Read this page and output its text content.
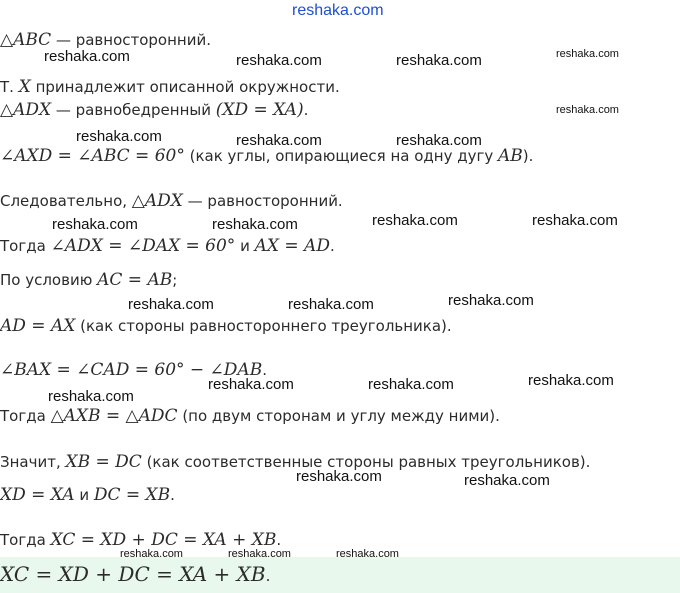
reshaka.com
△ABC — равносторонний.
Т. X принадлежит описанной окружности.
△ADX — равнобедренный (XD = XA).
∠AXD = ∠ABC = 60° (как углы, опирающиеся на одну дугу AB).
Следовательно, △ADX — равносторонний.
Тогда ∠ADX = ∠DAX = 60° и AX = AD.
По условию AC = AB;
AD = AX (как стороны равностороннего треугольника).
∠BAX = ∠CAD = 60° − ∠DAB.
Тогда △AXB = △ADC (по двум сторонам и углу между ними).
Значит, XB = DC (как соответственные стороны равных треугольников).
XD = XA и DC = XB.
Тогда XC = XD + DC = XA + XB.
XC = XD + DC = XA + XB.
reshaka.com	reshaka.com	reshaka.com	reshaka.com
reshaka.com
reshaka.com	reshaka.com	reshaka.com
reshaka.com	reshaka.com	reshaka.com	reshaka.com
reshaka.com	reshaka.com	reshaka.com
reshaka.com
reshaka.com	reshaka.com	reshaka.com
reshaka.com	reshaka.com
reshaka.com	reshaka.com	reshaka.com
